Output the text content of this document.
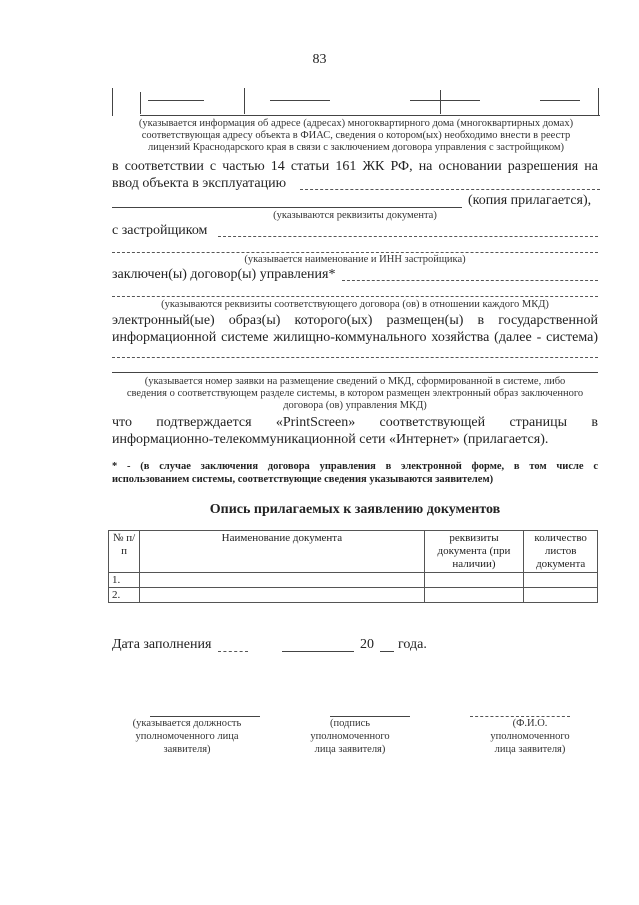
83
(указывается информация об адресе (адресах) многоквартирного дома (многоквартирных домах)
соответствующая адресу объекта в ФИАС, сведения о котором(ых) необходимо внести в реестр
лицензий Краснодарского края в связи с заключением договора управления с застройщиком)
в соответствии с частью 14 статьи 161 ЖК РФ, на основании разрешения на
ввод объекта в эксплуатацию
(копия прилагается),
(указываются реквизиты документа)
с застройщиком
(указывается наименование и ИНН застройщика)
заключен(ы) договор(ы) управления*
(указываются реквизиты соответствующего договора (ов) в отношении каждого МКД)
электронный(ые) образ(ы) которого(ых) размещен(ы) в государственной
информационной системе жилищно-коммунального хозяйства (далее - система)
(указывается номер заявки на размещение сведений о МКД, сформированной в системе, либо
сведения о соответствующем разделе системы, в котором размещен электронный образ заключенного
договора (ов) управления МКД)
что подтверждается «PrintScreen» соответствующей страницы в
информационно-телекоммуникационной сети «Интернет» (прилагается).
* - (в случае заключения договора управления в электронной форме, в том числе с
использованием системы, соответствующие сведения указываются заявителем)
Опись прилагаемых к заявлению документов
№ п/п	Наименование документа	реквизиты документа (при наличии)	количество листов документа
1.			
2.			
Дата заполнения	20 года.
(указывается должность
уполномоченного лица
заявителя)
(подпись
уполномоченного
лица заявителя)
(Ф.И.О.
уполномоченного
лица заявителя)
